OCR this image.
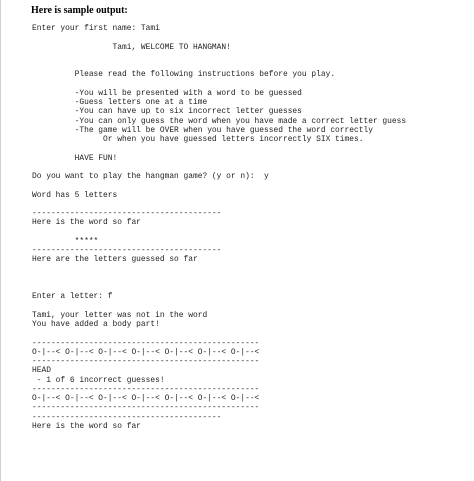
Here is sample output:
Enter your first name: Tami
Tami, WELCOME TO HANGMAN!
Please read the following instructions before you play.
-You will be presented with a word to be guessed
-Guess letters one at a time
-You can have up to six incorrect letter guesses
-You can only guess the word when you have made a correct letter guess
-The game will be OVER when you have guessed the word correctly
Or when you have guessed letters incorrectly SIX times.
HAVE FUN!
Do you want to play the hangman game? (y or n):  y
Word has 5 letters
----------------------------------------
Here is the word so far
*****
----------------------------------------
Here are the letters guessed so far
Enter a letter: f
Tami, your letter was not in the word
You have added a body part!
------------------------------------------------
O-|--< O-|--< O-|--< O-|--< O-|--< O-|--< O-|--<
------------------------------------------------
HEAD
- 1 of 6 incorrect guesses!
------------------------------------------------
O-|--< O-|--< O-|--< O-|--< O-|--< O-|--< O-|--<
------------------------------------------------
----------------------------------------
Here is the word so far
